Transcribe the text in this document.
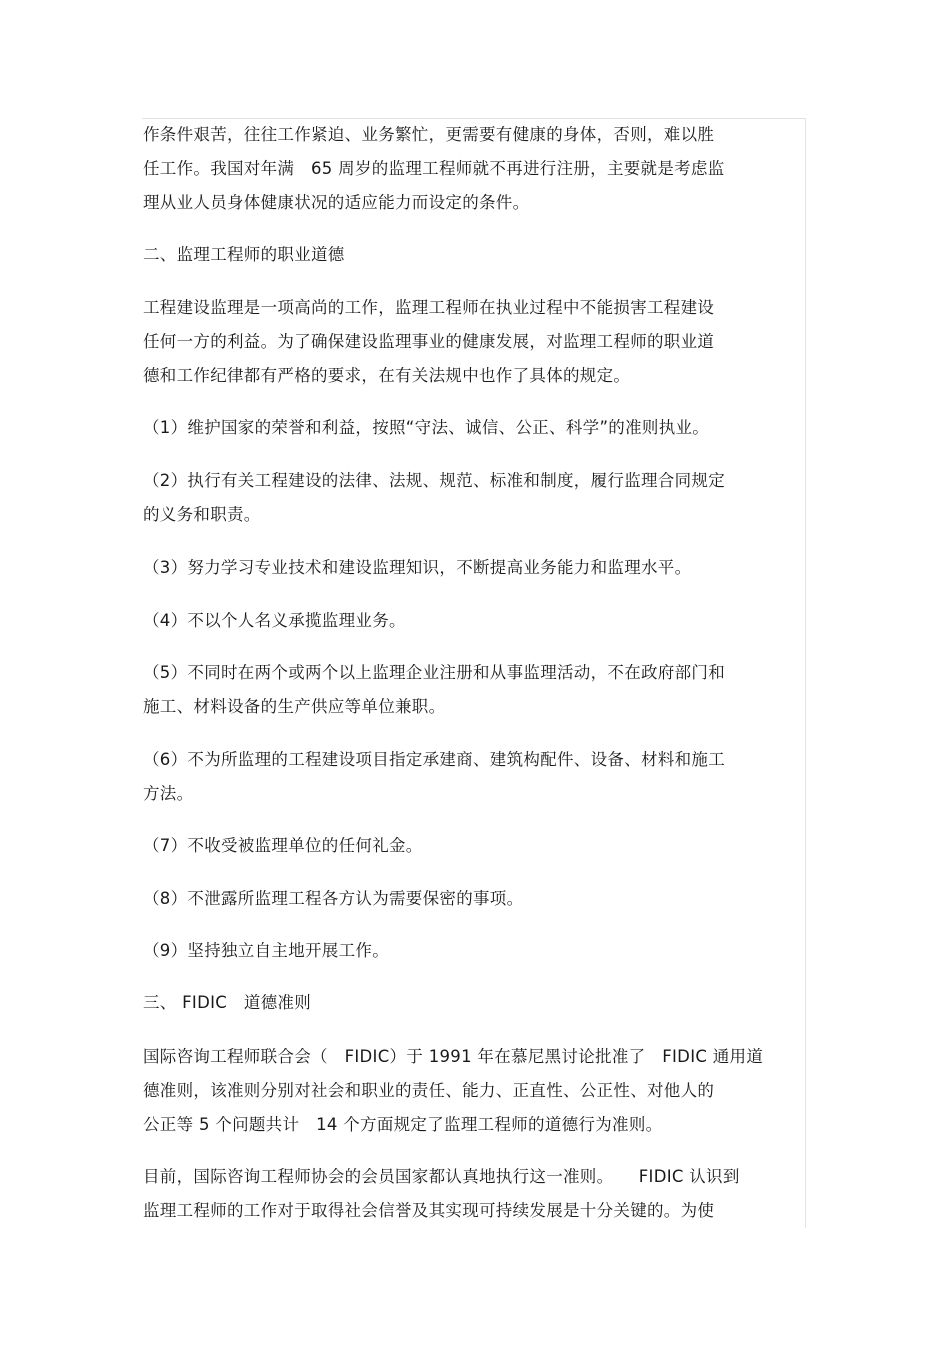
作条件艰苦，往往工作紧迫、业务繁忙，更需要有健康的身体，否则，难以胜
任工作。我国对年满　65 周岁的监理工程师就不再进行注册，主要就是考虑监
理从业人员身体健康状况的适应能力而设定的条件。
二、监理工程师的职业道德
工程建设监理是一项高尚的工作，监理工程师在执业过程中不能损害工程建设
任何一方的利益。为了确保建设监理事业的健康发展，对监理工程师的职业道
德和工作纪律都有严格的要求，在有关法规中也作了具体的规定。
（1）维护国家的荣誉和利益，按照“守法、诚信、公正、科学”的准则执业。
（2）执行有关工程建设的法律、法规、规范、标准和制度，履行监理合同规定
的义务和职责。
（3）努力学习专业技术和建设监理知识，不断提高业务能力和监理水平。
（4）不以个人名义承揽监理业务。
（5）不同时在两个或两个以上监理企业注册和从事监理活动，不在政府部门和
施工、材料设备的生产供应等单位兼职。
（6）不为所监理的工程建设项目指定承建商、建筑构配件、设备、材料和施工
方法。
（7）不收受被监理单位的任何礼金。
（8）不泄露所监理工程各方认为需要保密的事项。
（9）坚持独立自主地开展工作。
三、 FIDIC　道德准则
国际咨询工程师联合会（　FIDIC）于 1991 年在慕尼黑讨论批准了　FIDIC 通用道
德准则，该准则分别对社会和职业的责任、能力、正直性、公正性、对他人的
公正等 5 个问题共计　14 个方面规定了监理工程师的道德行为准则。
目前，国际咨询工程师协会的会员国家都认真地执行这一准则。　　FIDIC 认识到
监理工程师的工作对于取得社会信誉及其实现可持续发展是十分关键的。为使
